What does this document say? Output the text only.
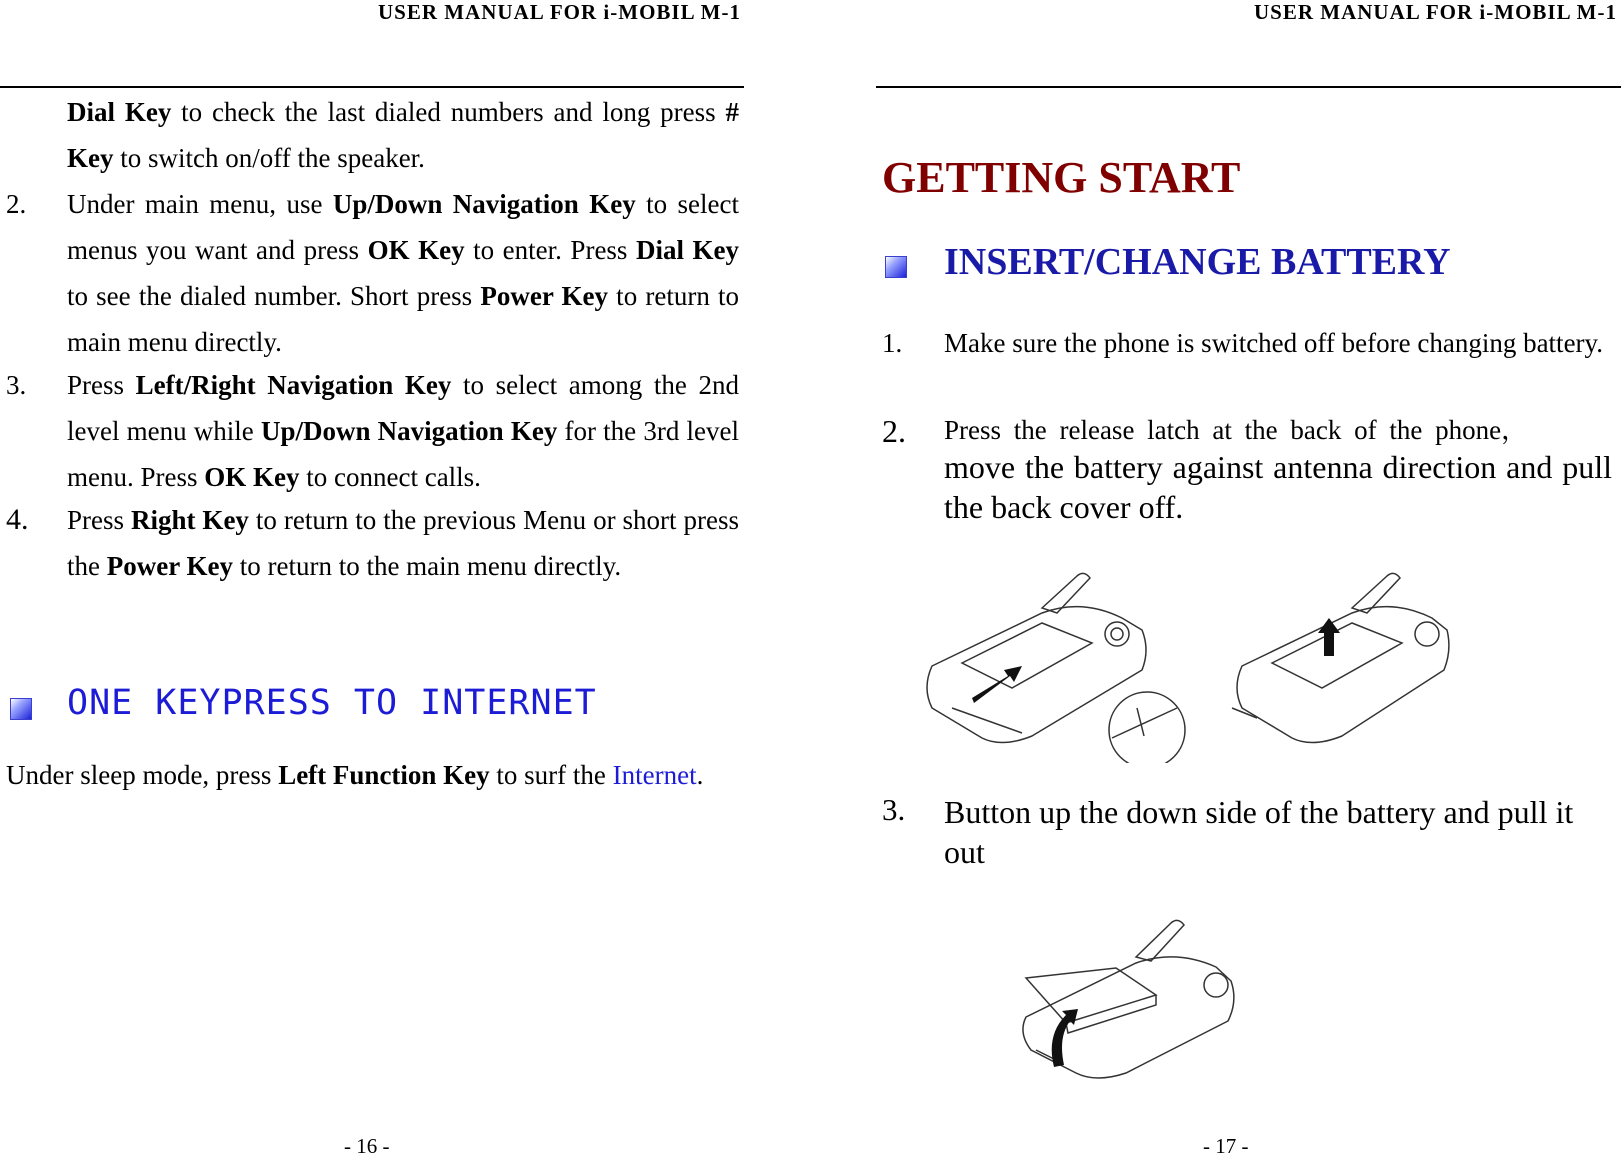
USER MANUAL FOR i-MOBIL M-1
Dial Key to check the last dialed numbers and long press # Key to switch on/off the speaker.
2. Under main menu, use Up/Down Navigation Key to select menus you want and press OK Key to enter. Press Dial Key to see the dialed number. Short press Power Key to return to main menu directly.
3. Press Left/Right Navigation Key to select among the 2nd level menu while Up/Down Navigation Key for the 3rd level menu. Press OK Key to connect calls.
4. Press Right Key to return to the previous Menu or short press the Power Key to return to the main menu directly.
ONE KEYPRESS TO INTERNET
Under sleep mode, press Left Function Key to surf the Internet.
- 16 -
USER MANUAL FOR i-MOBIL M-1
GETTING START
INSERT/CHANGE BATTERY
1. Make sure the phone is switched off before changing battery.
2. Press the release latch at the back of the phone，
move the battery against antenna direction and pull the back cover off.
3. Button up the down side of the battery and pull it out
- 17 -
